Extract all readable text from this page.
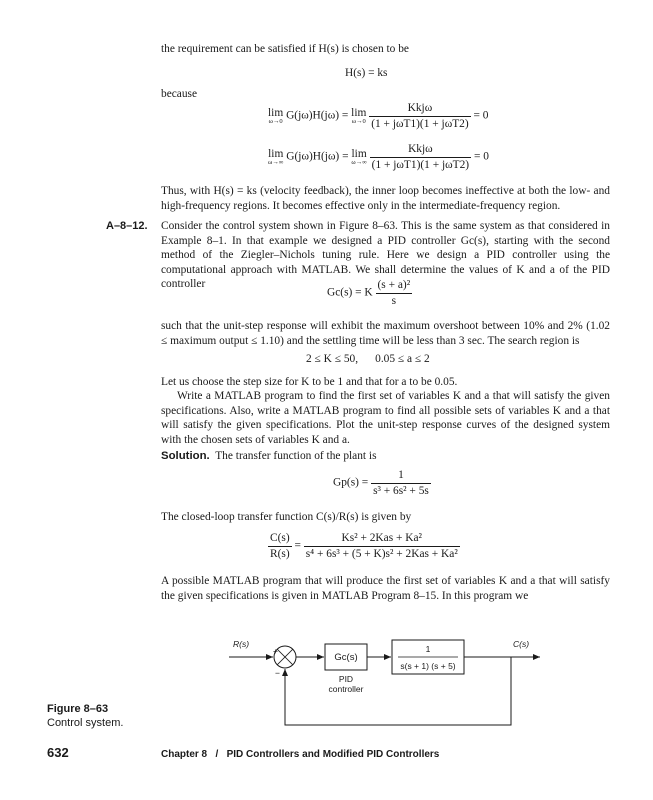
the requirement can be satisfied if H(s) is chosen to be
H(s) = ks
because
lim
ω→0 G(jω)H(jω) = lim
ω→0
$\frac{\text{Kkjω}}{\text{(1 + jωT1)(1 + jωT2)}} = 0$
lim
ω→∞ G(jω)H(jω) = lim
ω→∞
$\frac{\text{Kkjω}}{\text{(1 + jωT1)(1 + jωT2)}} = 0$
Thus, with H(s) = ks (velocity feedback), the inner loop becomes ineffective at both the low- and high-frequency regions. It becomes effective only in the intermediate-frequency region.
A–8–12. Consider the control system shown in Figure 8–63. This is the same system as that considered in Example 8–1. In that example we designed a PID controller Gc(s), starting with the second method of the Ziegler–Nichols tuning rule. Here we design a PID controller using the computational approach with MATLAB. We shall determine the values of K and a of the PID controller
Gc(s) = K $\frac{\text{(s + a)²}}{s}$
such that the unit-step response will exhibit the maximum overshoot between 10% and 2% (1.02 ≤ maximum output ≤ 1.10) and the settling time will be less than 3 sec. The search region is
2 ≤ K ≤ 50,      0.05 ≤ a ≤ 2
Let us choose the step size for K to be 1 and that for a to be 0.05.
Write a MATLAB program to find the first set of variables K and a that will satisfy the given specifications. Also, write a MATLAB program to find all possible sets of variables K and a that will satisfy the given specifications. Plot the unit-step response curves of the designed system with the chosen sets of variables K and a.
Solution. The transfer function of the plant is
$Gp(s) = \frac{1}{\text{s³ + 6s² + 5s}}$
The closed-loop transfer function C(s)/R(s) is given by
$\frac{C(s)}{R(s)} = \frac{\text{Ks² + 2Kas + Ka²}}{\text{s⁴ + 6s³ + (5 + K)s² + 2Kas + Ka²}}$
A possible MATLAB program that will produce the first set of variables K and a that will satisfy the given specifications is given in MATLAB Program 8–15. In this program we
R(s)	C(s)
+
−
Gc(s)
PID
controller
1
s(s + 1) (s + 5)
Figure 8–63
Control system.
632	Chapter 8   /   PID Controllers and Modified PID Controllers
